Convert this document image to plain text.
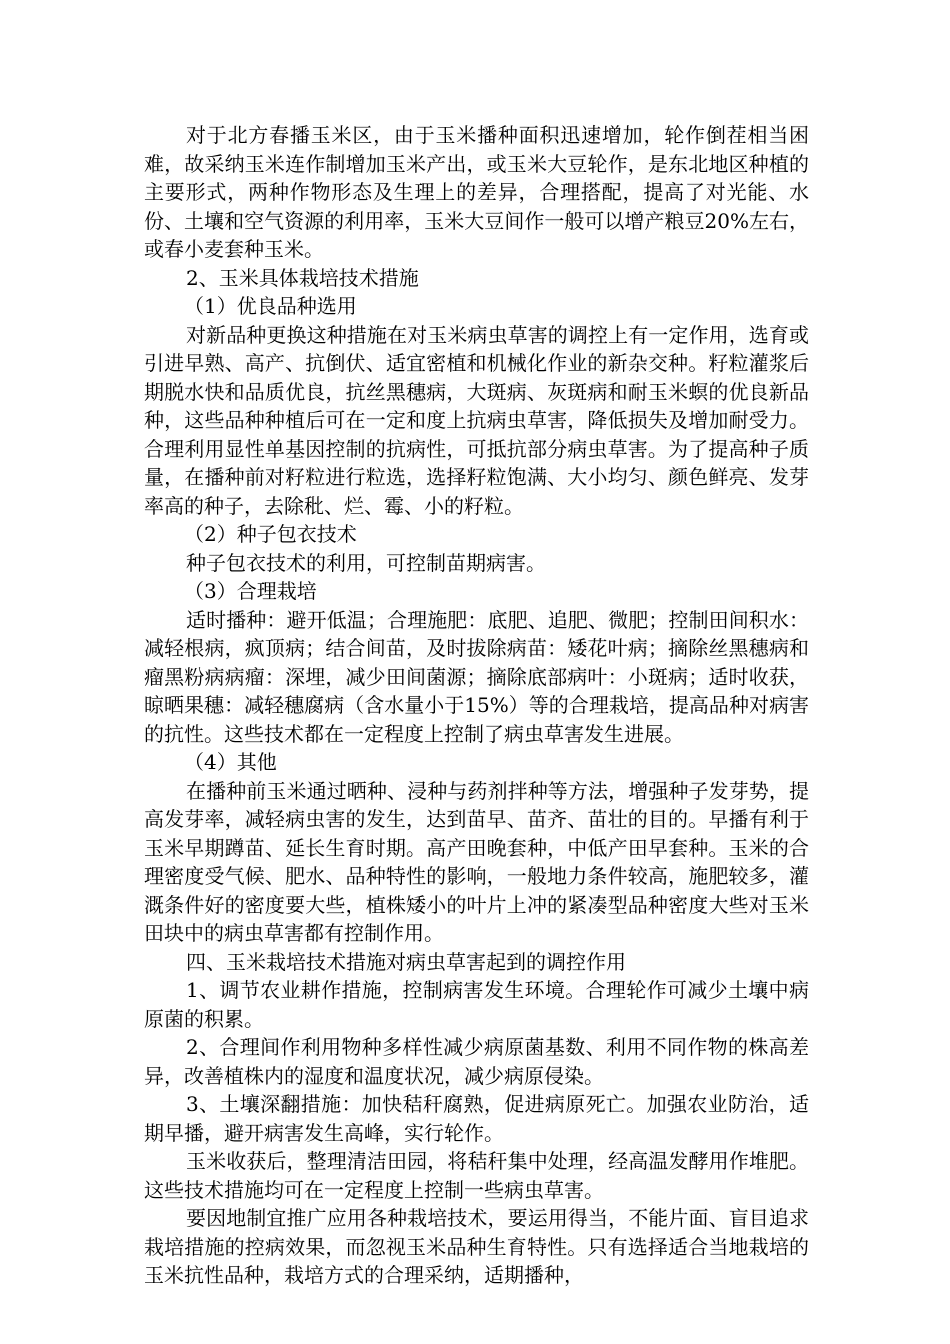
对于北方春播玉米区，由于玉米播种面积迅速增加，轮作倒茬相当困难，故采纳玉米连作制增加玉米产出，或玉米大豆轮作，是东北地区种植的主要形式，两种作物形态及生理上的差异，合理搭配，提高了对光能、水份、土壤和空气资源的利用率，玉米大豆间作一般可以增产粮豆20%左右，或春小麦套种玉米。

2、玉米具体栽培技术措施

（1）优良品种选用

对新品种更换这种措施在对玉米病虫草害的调控上有一定作用，选育或引进早熟、高产、抗倒伏、适宜密植和机械化作业的新杂交种。籽粒灌浆后期脱水快和品质优良，抗丝黑穗病，大斑病、灰斑病和耐玉米螟的优良新品种，这些品种种植后可在一定和度上抗病虫草害，降低损失及增加耐受力。合理利用显性单基因控制的抗病性，可抵抗部分病虫草害。为了提高种子质量，在播种前对籽粒进行粒选，选择籽粒饱满、大小均匀、颜色鲜亮、发芽率高的种子，去除秕、烂、霉、小的籽粒。

（2）种子包衣技术

种子包衣技术的利用，可控制苗期病害。

（3）合理栽培

适时播种：避开低温；合理施肥：底肥、追肥、微肥；控制田间积水：减轻根病，疯顶病；结合间苗，及时拔除病苗：矮花叶病；摘除丝黑穗病和瘤黑粉病病瘤：深埋，减少田间菌源；摘除底部病叶：小斑病；适时收获，晾晒果穗：减轻穗腐病（含水量小于15%）等的合理栽培，提高品种对病害的抗性。这些技术都在一定程度上控制了病虫草害发生进展。

（4）其他

在播种前玉米通过晒种、浸种与药剂拌种等方法，增强种子发芽势，提高发芽率，减轻病虫害的发生，达到苗早、苗齐、苗壮的目的。早播有利于玉米早期蹲苗、延长生育时期。高产田晚套种，中低产田早套种。玉米的合理密度受气候、肥水、品种特性的影响，一般地力条件较高，施肥较多，灌溉条件好的密度要大些，植株矮小的叶片上冲的紧凑型品种密度大些对玉米田块中的病虫草害都有控制作用。

四、玉米栽培技术措施对病虫草害起到的调控作用

1、调节农业耕作措施，控制病害发生环境。合理轮作可减少土壤中病原菌的积累。

2、合理间作利用物种多样性减少病原菌基数、利用不同作物的株高差异，改善植株内的湿度和温度状况，减少病原侵染。

3、土壤深翻措施：加快秸秆腐熟，促进病原死亡。加强农业防治，适期早播，避开病害发生高峰，实行轮作。

玉米收获后，整理清洁田园，将秸秆集中处理，经高温发酵用作堆肥。这些技术措施均可在一定程度上控制一些病虫草害。

要因地制宜推广应用各种栽培技术，要运用得当，不能片面、盲目追求栽培措施的控病效果，而忽视玉米品种生育特性。只有选择适合当地栽培的玉米抗性品种，栽培方式的合理采纳，适期播种，
